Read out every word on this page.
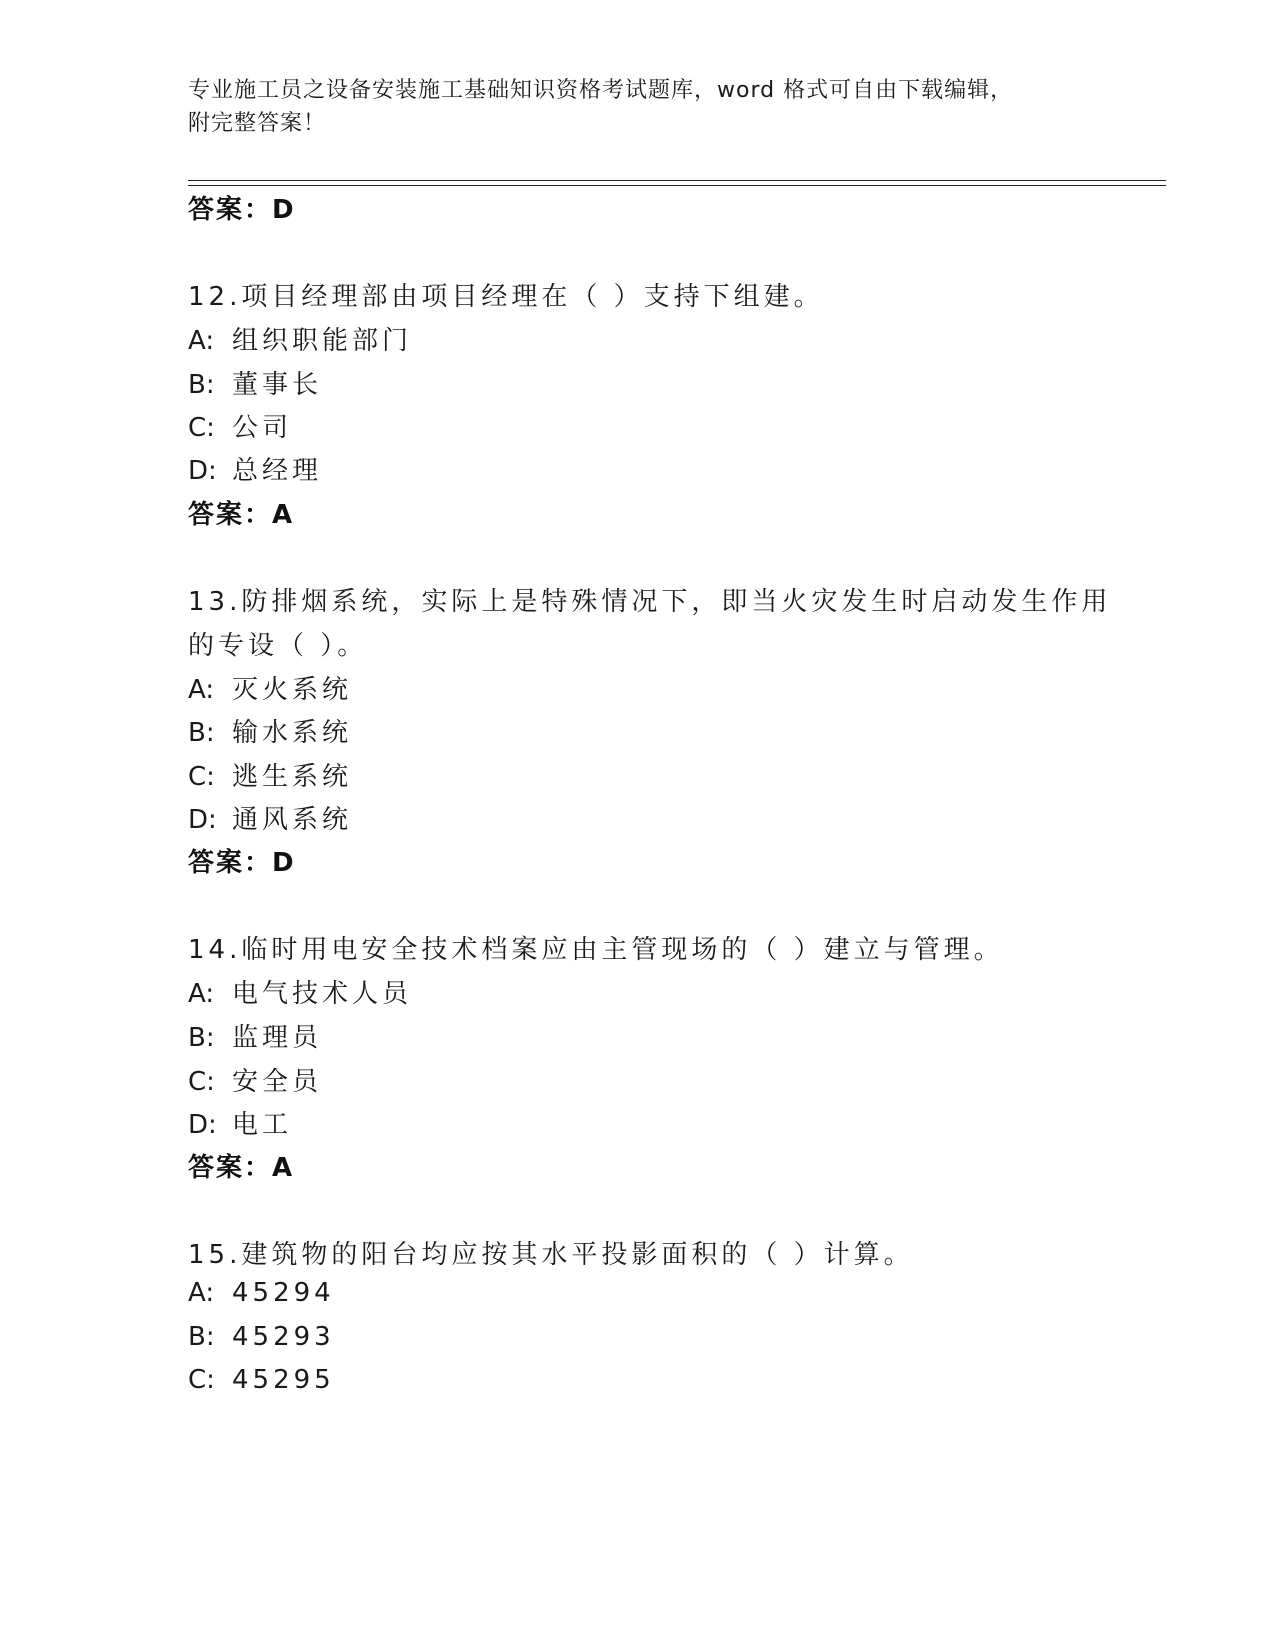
专业施工员之设备安装施工基础知识资格考试题库，word 格式可自由下载编辑，
附完整答案！
答案：D
12.项目经理部由项目经理在（ ）支持下组建。
A: 组织职能部门
B: 董事长
C: 公司
D: 总经理
答案：A
13.防排烟系统，实际上是特殊情况下，即当火灾发生时启动发生作用
的专设（ ）。
A: 灭火系统
B: 输水系统
C: 逃生系统
D: 通风系统
答案：D
14.临时用电安全技术档案应由主管现场的（ ）建立与管理。
A: 电气技术人员
B: 监理员
C: 安全员
D: 电工
答案：A
15.建筑物的阳台均应按其水平投影面积的（ ）计算。
A: 45294
B: 45293
C: 45295
